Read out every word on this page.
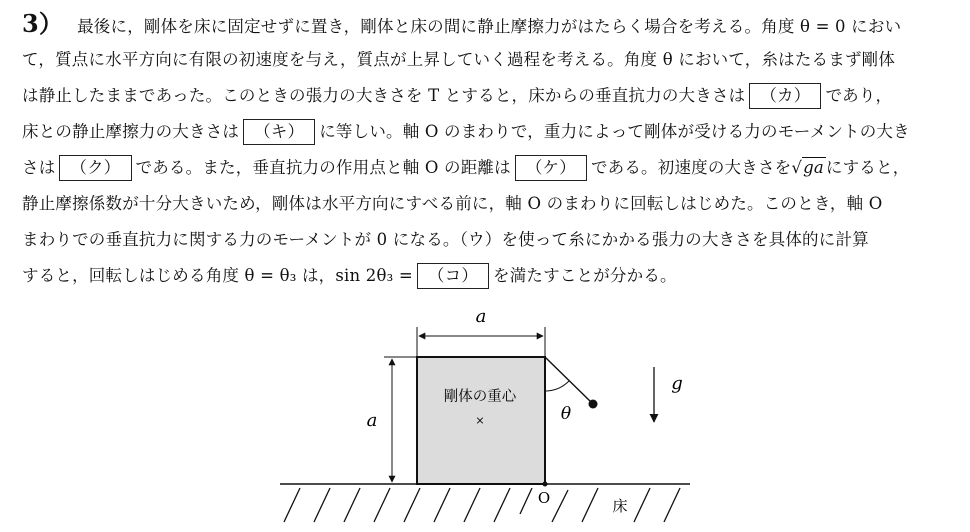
3） 最後に，剛体を床に固定せずに置き，剛体と床の間に静止摩擦力がはたらく場合を考える。角度 θ = 0 におい
て，質点に水平方向に有限の初速度を与え，質点が上昇していく過程を考える。角度 θ において，糸はたるまず剛体
は静止したままであった。このときの張力の大きさを T とすると，床からの垂直抗力の大きさは （カ） であり，
床との静止摩擦力の大きさは （キ） に等しい。軸 O のまわりで，重力によって剛体が受ける力のモーメントの大き
さは （ク） である。また，垂直抗力の作用点と軸 O の距離は （ケ） である。初速度の大きさを√ga にすると，
静止摩擦係数が十分大きいため，剛体は水平方向にすべる前に，軸 O のまわりに回転しはじめた。このとき，軸 O
まわりでの垂直抗力に関する力のモーメントが 0 になる。（ウ）を使って糸にかかる張力の大きさを具体的に計算
すると，回転しはじめる角度 θ = θ₃ は，sin 2θ₃ = （コ） を満たすことが分かる。
a
a
剛体の重心
×	θ
g
O	床
